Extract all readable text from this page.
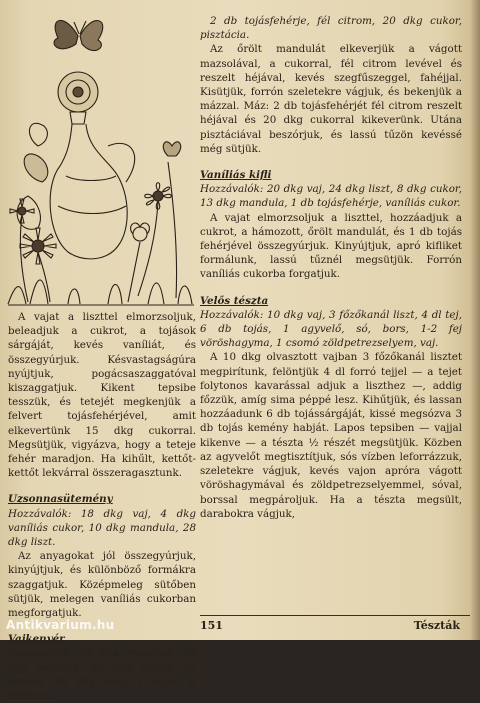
A vajat a liszttel elmorzsoljuk, beleadjuk a cukrot, a tojások sárgáját, kevés vaníliát, és összegyúrjuk. Késvastagságúra nyújtjuk, pogácsaszaggatóval kiszaggatjuk. Kikent tepsibe tesszük, és tetejét megkenjük a felvert tojásfehérjével, amit elkevertünk 15 dkg cukorral. Megsütjük, vigyázva, hogy a teteje fehér maradjon. Ha kihűlt, kettőt-kettőt lekvárral összeragasztunk.

Uzsonnasütemény

Hozzávalók: 18 dkg vaj, 4 dkg vaníliás cukor, 10 dkg mandula, 28 dkg liszt.

Az anyagokat jól összegyúrjuk, kinyújtjuk, és különböző formákra szaggatjuk. Középmeleg sütőben sütjük, melegen vaníliás cukorban megforgatjuk.

Vajkenyér

Hozzávalók: 28 dkg mandula, 28 dkg mazsola, 28 dkg cukor, fél citrom, 10 dkg liszt, 1 tojás, a mázhoz:

2 db tojásfehérje, fél citrom, 20 dkg cukor, pisztácia.

Az őrölt mandulát elkeverjük a vágott mazsolával, a cukorral, fél citrom levével és reszelt héjával, kevés szegfűszeggel, fahéjjal. Kisütjük, forrón szeletekre vágjuk, és bekenjük a mázzal. Máz: 2 db tojásfehérjét fél citrom reszelt héjával és 20 dkg cukorral kikeverünk. Utána pisztáciával beszórjuk, és lassú tűzön kevéssé még sütjük.

Vaníliás kifli

Hozzávalók: 20 dkg vaj, 24 dkg liszt, 8 dkg cukor, 13 dkg mandula, 1 db tojásfehérje, vaníliás cukor.

A vajat elmorzsoljuk a liszttel, hozzáadjuk a cukrot, a hámozott, őrölt mandulát, és 1 db tojás fehérjével összegyúrjuk. Kinyújtjuk, apró kifliket formálunk, lassú tűznél megsütjük. Forrón vaníliás cukorba forgatjuk.

Velős tészta

Hozzávalók: 10 dkg vaj, 3 főzőkanál liszt, 4 dl tej, 6 db tojás, 1 agyvelő, só, bors, 1-2 fej vöröshagyma, 1 csomó zöldpetrezselyem, vaj.

A 10 dkg olvasztott vajban 3 főzőkanál lisztet megpirítunk, felöntjük 4 dl forró tejjel — a tejet folytonos kavarással adjuk a liszthez —, addig főzzük, amíg sima péppé lesz. Kihűtjük, és lassan hozzáadunk 6 db tojássárgáját, kissé megsózva 3 db tojás kemény habját. Lapos tepsiben — vajjal kikenve — a tészta ½ részét megsütjük. Közben az agyvelőt megtisztítjuk, sós vízben leforrázzuk, szeletekre vágjuk, kevés vajon apróra vágott vöröshagymával és zöldpetrezselyemmel, sóval, borssal megpároljuk. Ha a tészta megsült, darabokra vágjuk,

151	Tészták
Antikvarium.hu
